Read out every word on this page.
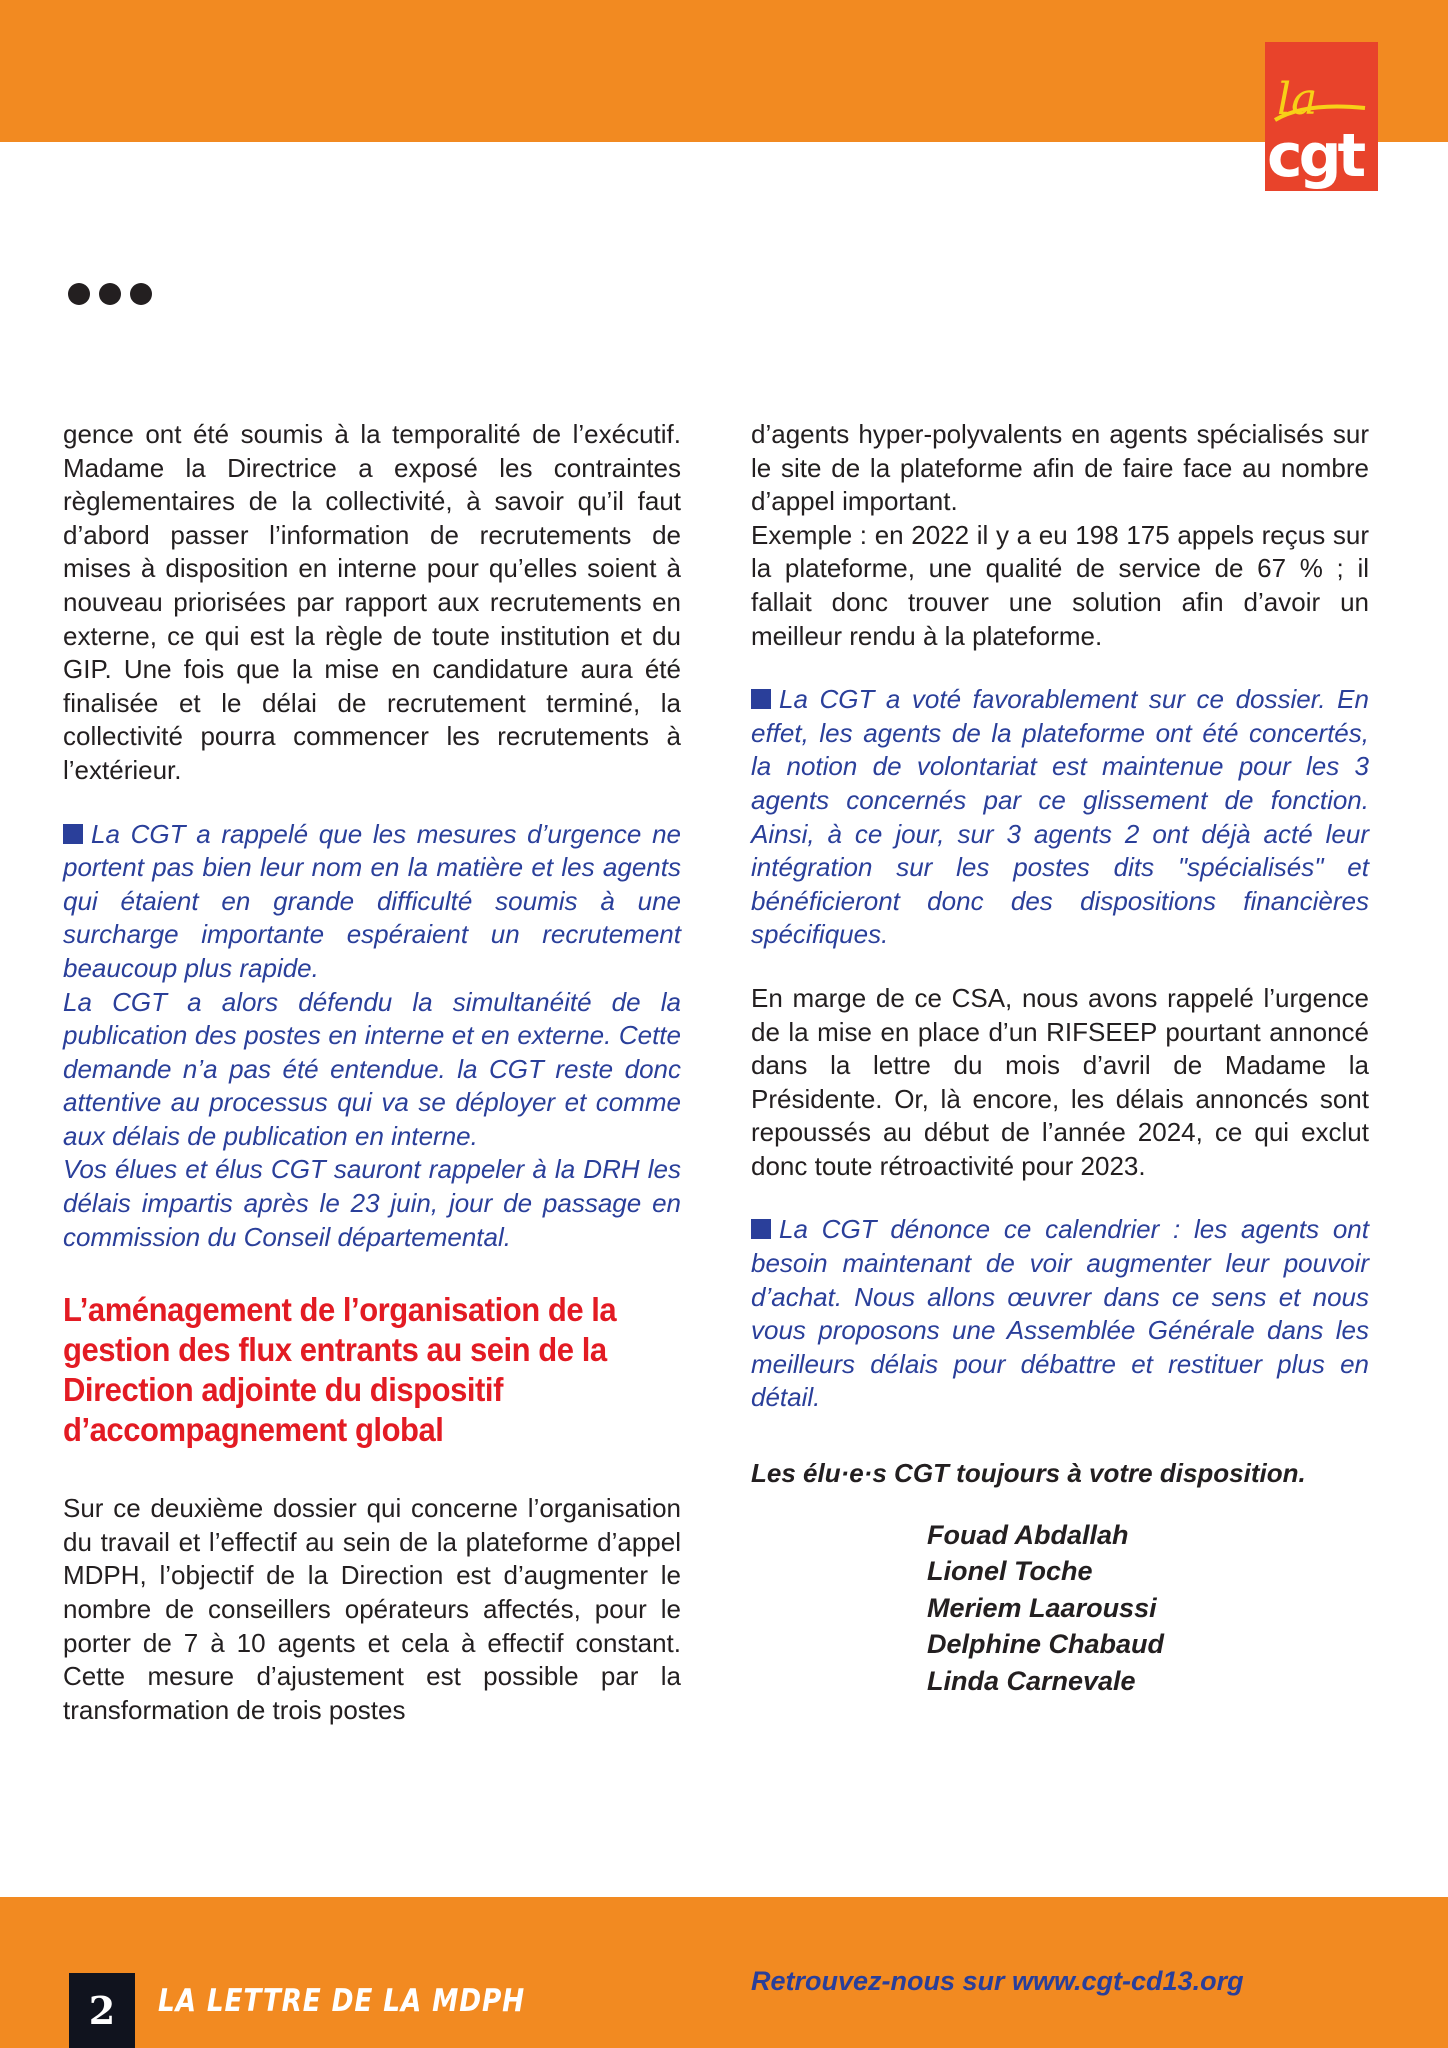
la
cgt

gence ont été soumis à la temporalité de l’exécutif. Madame la Directrice a exposé les contraintes règlementaires de la collectivité, à savoir qu’il faut d’abord passer l’information de recrutements de mises à disposition en interne pour qu’elles soient à nouveau priorisées par rapport aux recrutements en externe, ce qui est la règle de toute institution et du GIP. Une fois que la mise en candidature aura été finalisée et le délai de recrutement terminé, la collectivité pourra commencer les recrutements à l’extérieur.

La CGT a rappelé que les mesures d’urgence ne portent pas bien leur nom en la matière et les agents qui étaient en grande difficulté soumis à une surcharge importante espéraient un recrutement beaucoup plus rapide.

La CGT a alors défendu la simultanéité de la publication des postes en interne et en externe. Cette demande n’a pas été entendue. la CGT reste donc attentive au processus qui va se déployer et comme aux délais de publication en interne.

Vos élues et élus CGT sauront rappeler à la DRH les délais impartis après le 23 juin, jour de passage en commission du Conseil départemental.

L’aménagement de l’organisation de la gestion des flux entrants au sein de la Direction adjointe du dispositif d’accompagnement global

Sur ce deuxième dossier qui concerne l’organisation du travail et l’effectif au sein de la plateforme d’appel MDPH, l’objectif de la Direction est d’augmenter le nombre de conseillers opérateurs affectés, pour le porter de 7 à 10 agents et cela à effectif constant. Cette mesure d’ajustement est possible par la transformation de trois postes

d’agents hyper-polyvalents en agents spécialisés sur le site de la plateforme afin de faire face au nombre d’appel important.

Exemple : en 2022 il y a eu 198 175 appels reçus sur la plateforme, une qualité de service de 67 % ; il fallait donc trouver une solution afin d’avoir un meilleur rendu à la plateforme.

La CGT a voté favorablement sur ce dossier. En effet, les agents de la plateforme ont été concertés, la notion de volontariat est maintenue pour les 3 agents concernés par ce glissement de fonction. Ainsi, à ce jour, sur 3 agents 2 ont déjà acté leur intégration sur les postes dits "spécialisés" et bénéficieront donc des dispositions financières spécifiques.

En marge de ce CSA, nous avons rappelé l’urgence de la mise en place d’un RIFSEEP pourtant annoncé dans la lettre du mois d’avril de Madame la Présidente. Or, là encore, les délais annoncés sont repoussés au début de l’année 2024, ce qui exclut donc toute rétroactivité pour 2023.

La CGT dénonce ce calendrier : les agents ont besoin maintenant de voir augmenter leur pouvoir d’achat. Nous allons œuvrer dans ce sens et nous vous proposons une Assemblée Générale dans les meilleurs délais pour débattre et restituer plus en détail.

Les élu·e·s CGT toujours à votre disposition.

Fouad Abdallah
Lionel Toche
Meriem Laaroussi
Delphine Chabaud
Linda Carnevale
2	LA LETTRE DE LA MDPH
Retrouvez-nous sur www.cgt-cd13.org
